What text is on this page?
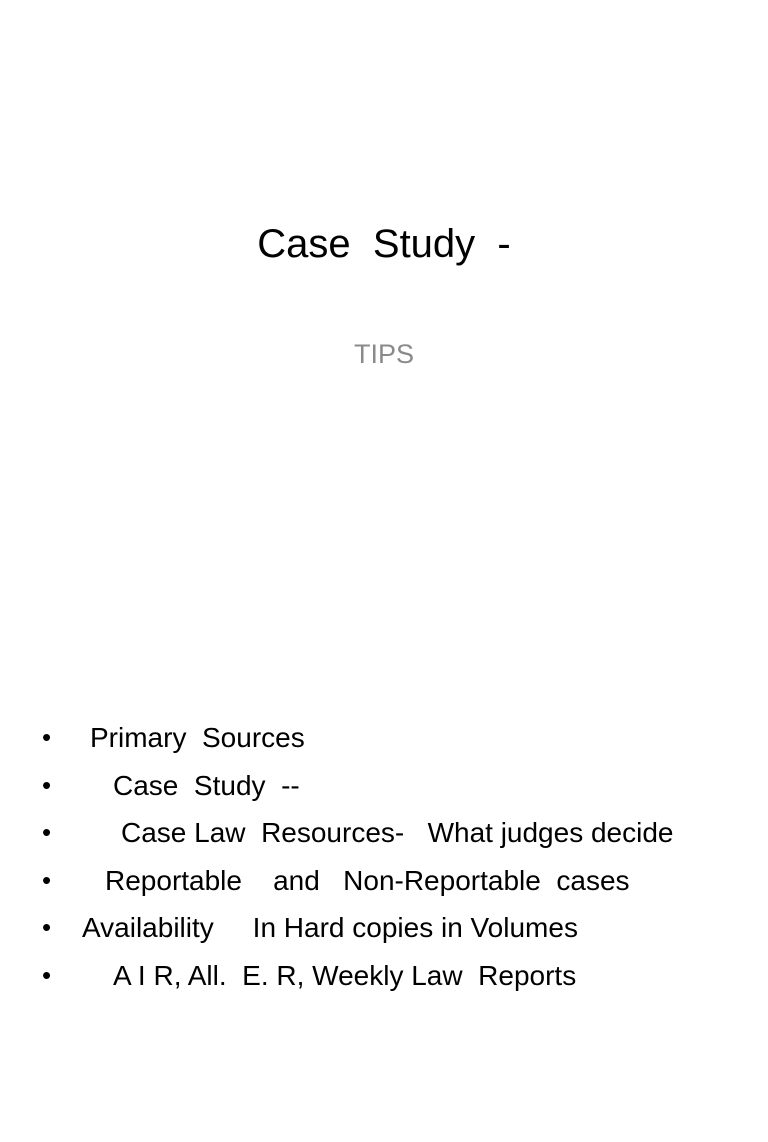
Case  Study  -
TIPS

•

Primary  Sources

•

Case  Study  --

•

Case Law  Resources-   What judges decide

•

Reportable    and   Non-Reportable  cases

•

Availability     In Hard copies in Volumes

•

A I R, All.  E. R, Weekly Law  Reports
